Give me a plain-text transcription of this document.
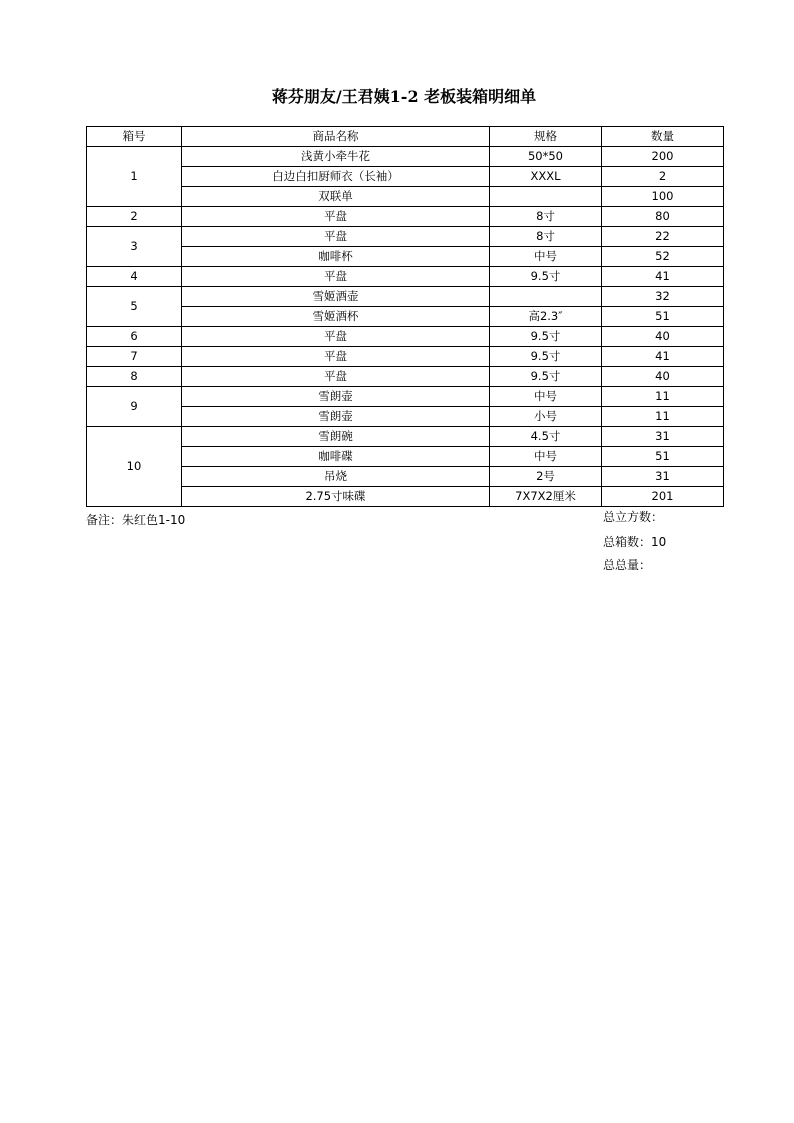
蒋芬朋友/王君姨1-2 老板装箱明细单
箱号	商品名称	规格	数量
1	浅黄小牵牛花	50*50	200
	白边白扣厨师衣（长袖）	XXXL	2
	双联单		100
2	平盘	8寸	80
3	平盘	8寸	22
	咖啡杯	中号	52
4	平盘	9.5寸	41
5	雪姬酒壶		32
	雪姬酒杯	高2.3″	51
6	平盘	9.5寸	40
7	平盘	9.5寸	41
8	平盘	9.5寸	40
9	雪朗壶	中号	11
	雪朗壶	小号	11
10	雪朗碗	4.5寸	31
	咖啡碟	中号	51
	吊烧	2号	31
	2.75寸味碟	7X7X2厘米	201
备注：朱红色1-10	总立方数：
总箱数：10
总总量：
